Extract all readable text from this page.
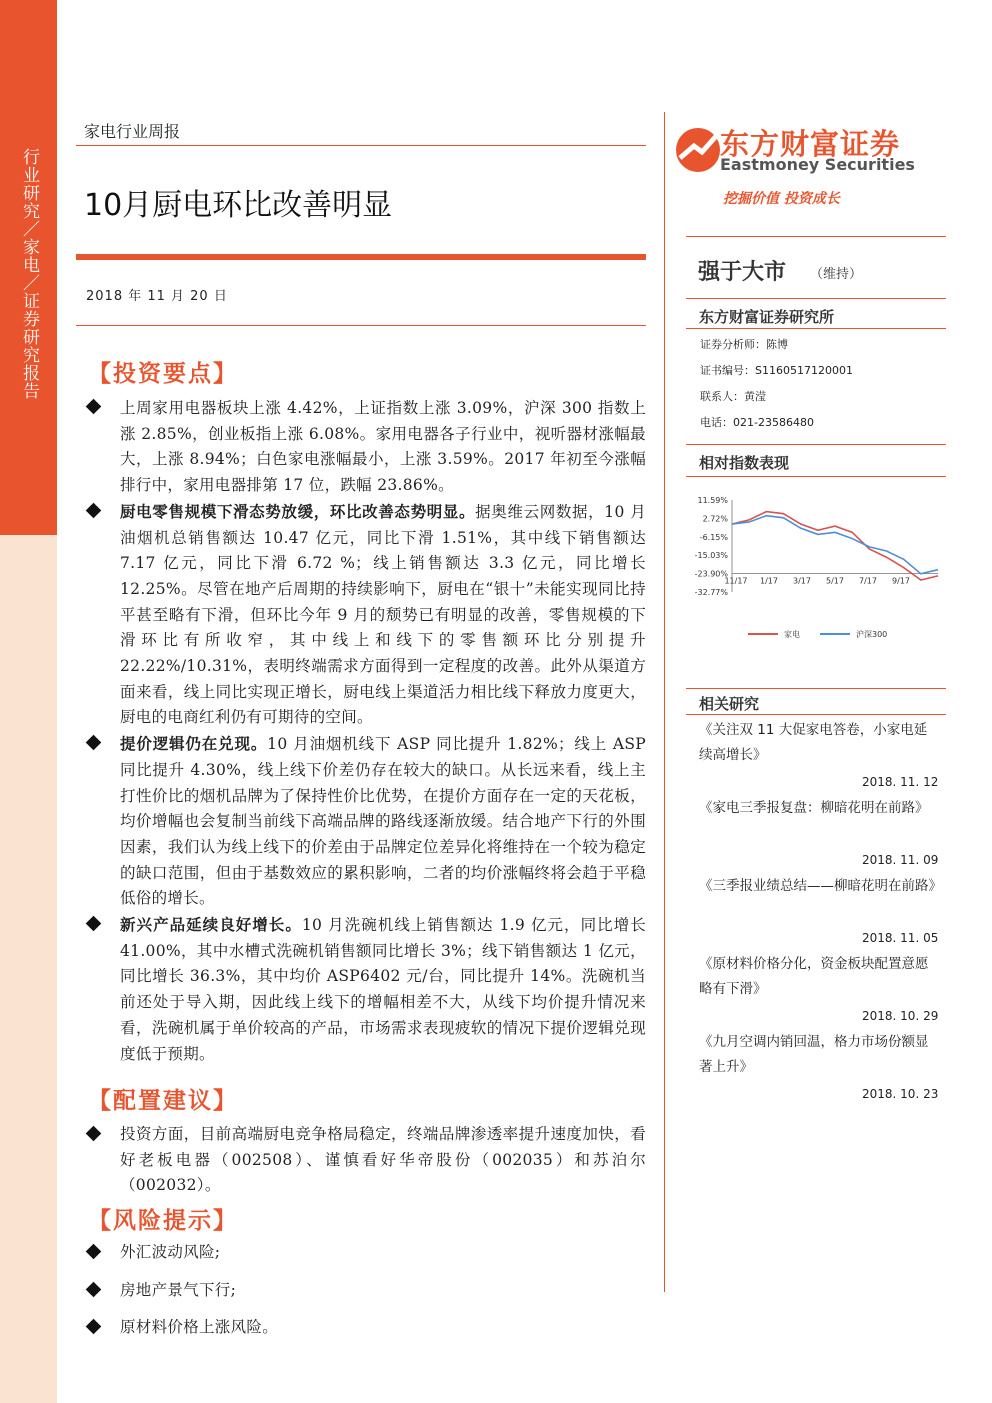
行业研究／家电／证券研究报告
家电行业周报
10月厨电环比改善明显
2018 年 11 月 20 日
【投资要点】
上周家用电器板块上涨 4.42%，上证指数上涨 3.09%，沪深 300 指数上涨 2.85%，创业板指上涨 6.08%。家用电器各子行业中，视听器材涨幅最大，上涨 8.94%；白色家电涨幅最小，上涨 3.59%。2017 年初至今涨幅排行中，家用电器排第 17 位，跌幅 23.86%。
厨电零售规模下滑态势放缓，环比改善态势明显。据奥维云网数据，10 月油烟机总销售额达 10.47 亿元，同比下滑 1.51%，其中线下销售额达 7.17 亿元，同比下滑 6.72 %；线上销售额达 3.3 亿元，同比增长 12.25%。尽管在地产后周期的持续影响下，厨电在“银十”未能实现同比持平甚至略有下滑，但环比今年 9 月的颓势已有明显的改善，零售规模的下滑环比有所收窄，其中线上和线下的零售额环比分别提升 22.22%/10.31%，表明终端需求方面得到一定程度的改善。此外从渠道方面来看，线上同比实现正增长，厨电线上渠道活力相比线下释放力度更大，厨电的电商红利仍有可期待的空间。
提价逻辑仍在兑现。10 月油烟机线下 ASP 同比提升 1.82%；线上 ASP 同比提升 4.30%，线上线下价差仍存在较大的缺口。从长远来看，线上主打性价比的烟机品牌为了保持性价比优势，在提价方面存在一定的天花板，均价增幅也会复制当前线下高端品牌的路线逐渐放缓。结合地产下行的外围因素，我们认为线上线下的价差由于品牌定位差异化将维持在一个较为稳定的缺口范围，但由于基数效应的累积影响，二者的均价涨幅终将会趋于平稳低俗的增长。
新兴产品延续良好增长。10 月洗碗机线上销售额达 1.9 亿元，同比增长 41.00%，其中水槽式洗碗机销售额同比增长 3%；线下销售额达 1 亿元，同比增长 36.3%，其中均价 ASP6402 元/台，同比提升 14%。洗碗机当前还处于导入期，因此线上线下的增幅相差不大，从线下均价提升情况来看，洗碗机属于单价较高的产品，市场需求表现疲软的情况下提价逻辑兑现度低于预期。
【配置建议】
投资方面，目前高端厨电竞争格局稳定，终端品牌渗透率提升速度加快，看好老板电器（002508）、谨慎看好华帝股份（002035）和苏泊尔（002032）。
【风险提示】
外汇波动风险;
房地产景气下行;
原材料价格上涨风险。
东方财富证券
Eastmoney Securities
挖掘价值 投资成长
强于大市 （维持）
东方财富证券研究所
证券分析师：陈博
证书编号：S1160517120001
联系人：黄滢
电话：021-23586480
相对指数表现
11.59%
2.72%
-6.15%
-15.03%
-23.90%
-32.77%
11/17 1/17 3/17 5/17 7/17 9/17
家电	沪深300
相关研究
《关注双 11 大促家电答卷，小家电延续高增长》
2018. 11. 12
《家电三季报复盘：柳暗花明在前路》
2018. 11. 09
《三季报业绩总结——柳暗花明在前路》
2018. 11. 05
《原材料价格分化，资金板块配置意愿略有下滑》
2018. 10. 29
《九月空调内销回温，格力市场份额显著上升》
2018. 10. 23
